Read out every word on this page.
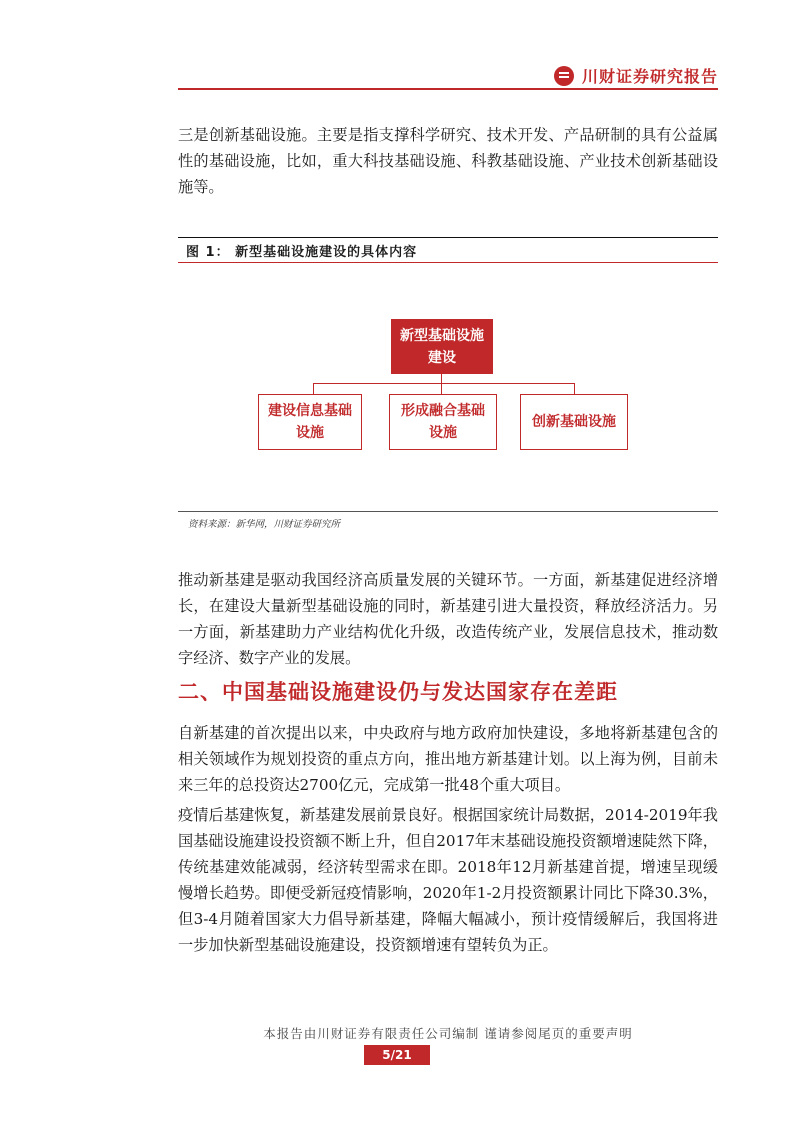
川财证券研究报告

三是创新基础设施。主要是指支撑科学研究、技术开发、产品研制的具有公益属性的基础设施，比如，重大科技基础设施、科教基础设施、产业技术创新基础设施等。

图 1： 新型基础设施建设的具体内容
新型基础设施
建设
建设信息基础
设施
形成融合基础
设施
创新基础设施
资料来源：新华网，川财证券研究所

推动新基建是驱动我国经济高质量发展的关键环节。一方面，新基建促进经济增长，在建设大量新型基础设施的同时，新基建引进大量投资，释放经济活力。另一方面，新基建助力产业结构优化升级，改造传统产业，发展信息技术，推动数字经济、数字产业的发展。

二、中国基础设施建设仍与发达国家存在差距

自新基建的首次提出以来，中央政府与地方政府加快建设，多地将新基建包含的相关领域作为规划投资的重点方向，推出地方新基建计划。以上海为例，目前未来三年的总投资达2700亿元，完成第一批48个重大项目。

疫情后基建恢复，新基建发展前景良好。根据国家统计局数据，2014-2019年我国基础设施建设投资额不断上升，但自2017年末基础设施投资额增速陡然下降，传统基建效能减弱，经济转型需求在即。2018年12月新基建首提，增速呈现缓慢增长趋势。即便受新冠疫情影响，2020年1-2月投资额累计同比下降30.3%，但3-4月随着国家大力倡导新基建，降幅大幅减小，预计疫情缓解后，我国将进一步加快新型基础设施建设，投资额增速有望转负为正。

本报告由川财证券有限责任公司编制 谨请参阅尾页的重要声明
5/21
